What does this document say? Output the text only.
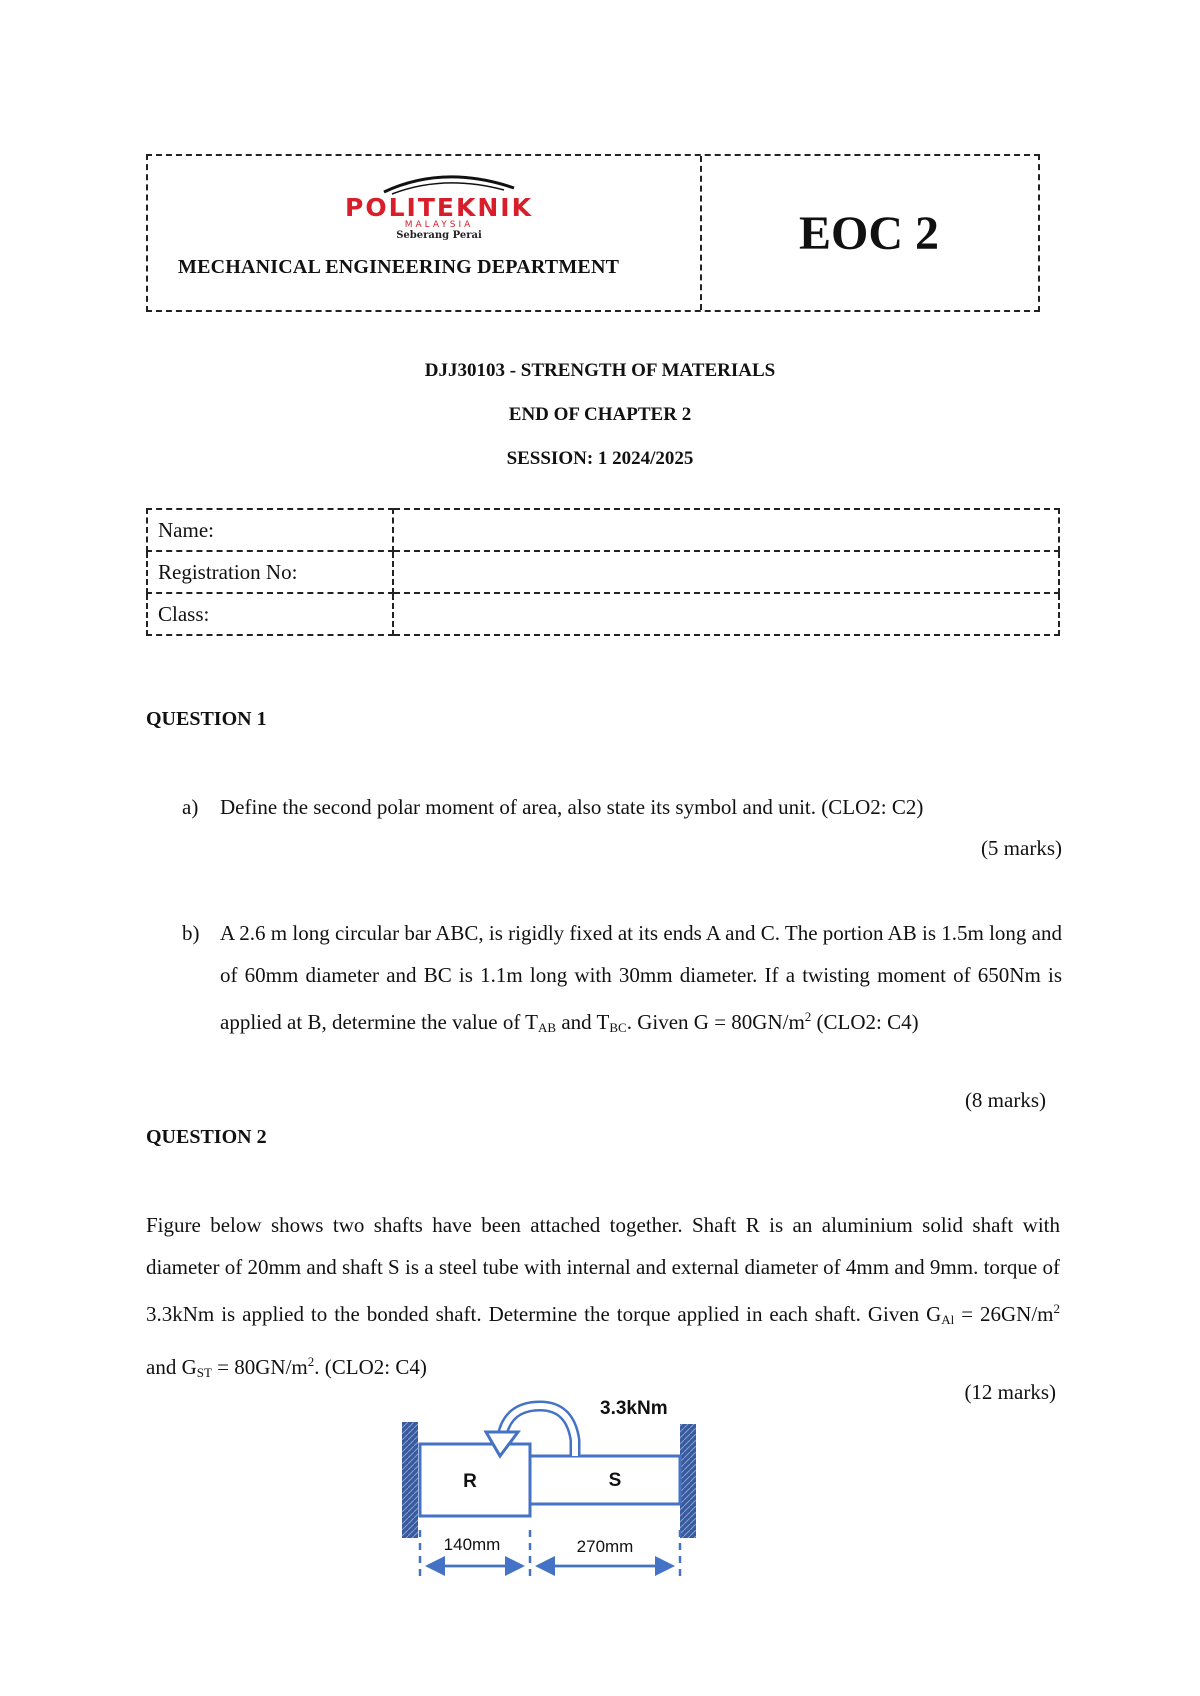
POLITEKNIK
MALAYSIA
Seberang Perai
MECHANICAL ENGINEERING DEPARTMENT
EOC 2
DJJ30103 - STRENGTH OF MATERIALS
END OF CHAPTER 2
SESSION: 1 2024/2025
Name:	
Registration No:	
Class:	
QUESTION 1
a) Define the second polar moment of area, also state its symbol and unit. (CLO2: C2)
(5 marks)
b) A 2.6 m long circular bar ABC, is rigidly fixed at its ends A and C. The portion AB is 1.5m long and of 60mm diameter and BC is 1.1m long with 30mm diameter. If a twisting moment of 650Nm is applied at B, determine the value of $T_{AB}$ and $T_{BC}$. Given $G = 80GN/m^2$ (CLO2: C4)
(8 marks)
QUESTION 2
Figure below shows two shafts have been attached together. Shaft R is an aluminium solid shaft with diameter of 20mm and shaft S is a steel tube with internal and external diameter of 4mm and 9mm. torque of 3.3kNm is applied to the bonded shaft. Determine the torque applied in each shaft. Given $G_{Al} = 26GN/m^2$ and $G_{ST} = 80GN/m^2$. (CLO2: C4)
(12 marks)
3.3kNm
R	S
140mm	270mm
